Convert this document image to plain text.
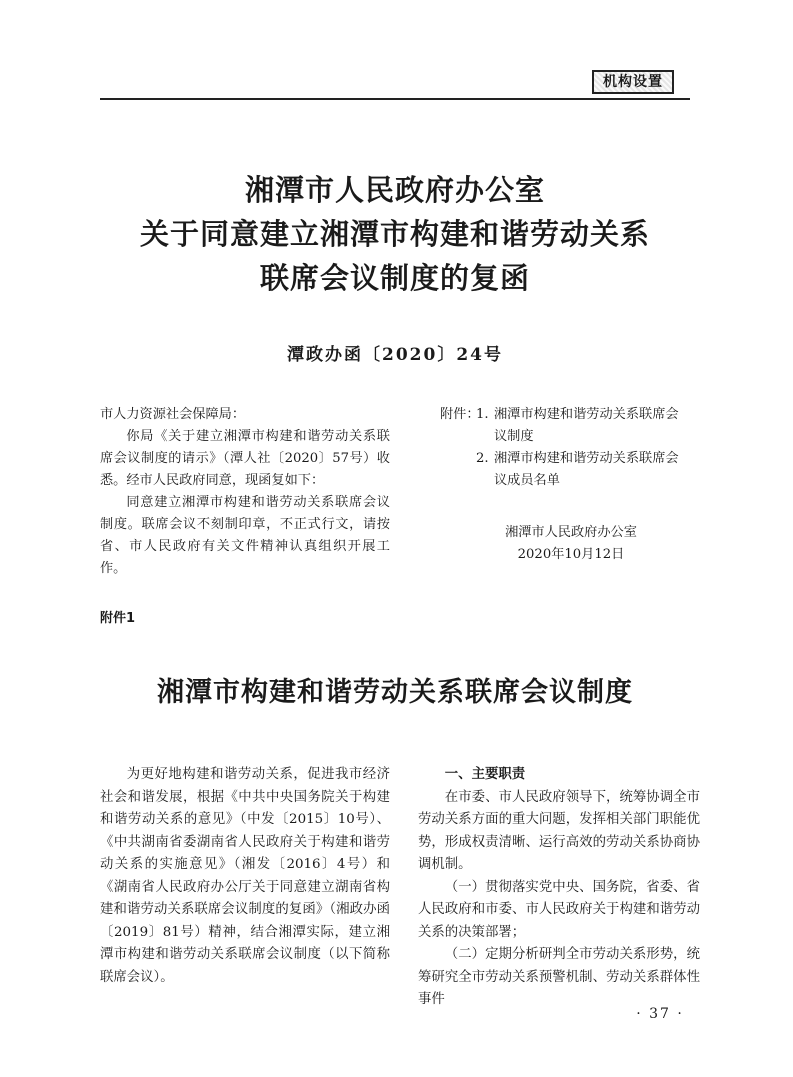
机构设置
湘潭市人民政府办公室
关于同意建立湘潭市构建和谐劳动关系
联席会议制度的复函
潭政办函〔2020〕24号

市人力资源社会保障局：

你局《关于建立湘潭市构建和谐劳动关系联席会议制度的请示》（潭人社〔2020〕57号）收悉。经市人民政府同意，现函复如下：

同意建立湘潭市构建和谐劳动关系联席会议制度。联席会议不刻制印章，不正式行文，请按省、市人民政府有关文件精神认真组织开展工作。

附件：
1. 湘潭市构建和谐劳动关系联席会
议制度
2. 湘潭市构建和谐劳动关系联席会
议成员名单
湘潭市人民政府办公室
2020年10月12日
附件1
湘潭市构建和谐劳动关系联席会议制度

为更好地构建和谐劳动关系，促进我市经济社会和谐发展，根据《中共中央国务院关于构建和谐劳动关系的意见》（中发〔2015〕10号）、《中共湖南省委湖南省人民政府关于构建和谐劳动关系的实施意见》（湘发〔2016〕4号）和《湖南省人民政府办公厅关于同意建立湖南省构建和谐劳动关系联席会议制度的复函》（湘政办函〔2019〕81号）精神，结合湘潭实际，建立湘潭市构建和谐劳动关系联席会议制度（以下简称联席会议）。

一、主要职责

在市委、市人民政府领导下，统筹协调全市劳动关系方面的重大问题，发挥相关部门职能优势，形成权责清晰、运行高效的劳动关系协商协调机制。

（一）贯彻落实党中央、国务院，省委、省人民政府和市委、市人民政府关于构建和谐劳动关系的决策部署；

（二）定期分析研判全市劳动关系形势，统筹研究全市劳动关系预警机制、劳动关系群体性事件

· 37 ·
